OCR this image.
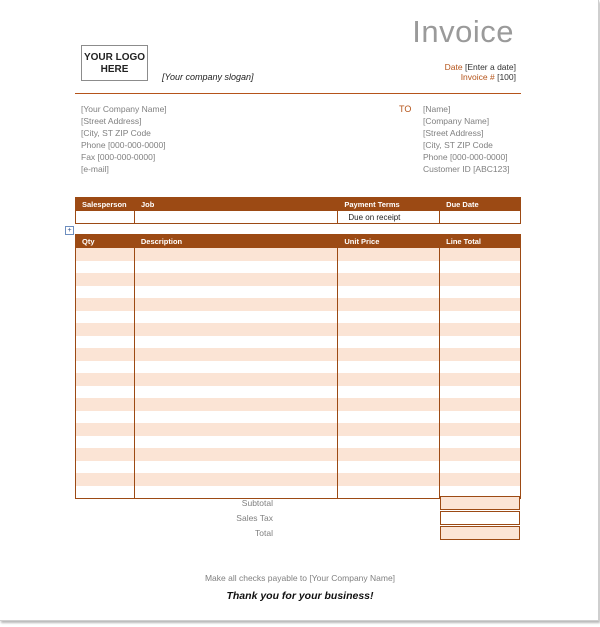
Invoice
YOUR LOGO
HERE
[Your company slogan]
Date [Enter a date]
Invoice # [100]
[Your Company Name]
[Street Address]
[City, ST ZIP Code
Phone [000-000-0000]
Fax [000-000-0000]
[e-mail]
TO [Name]
[Company Name]
[Street Address]
[City, ST ZIP Code
Phone [000-000-0000]
Customer ID [ABC123]
Salesperson	Job	Payment Terms	Due Date
		Due on receipt	
+
Qty	Description	Unit Price	Line Total

Subtotal
Sales Tax
Total
Make all checks payable to [Your Company Name]
Thank you for your business!
